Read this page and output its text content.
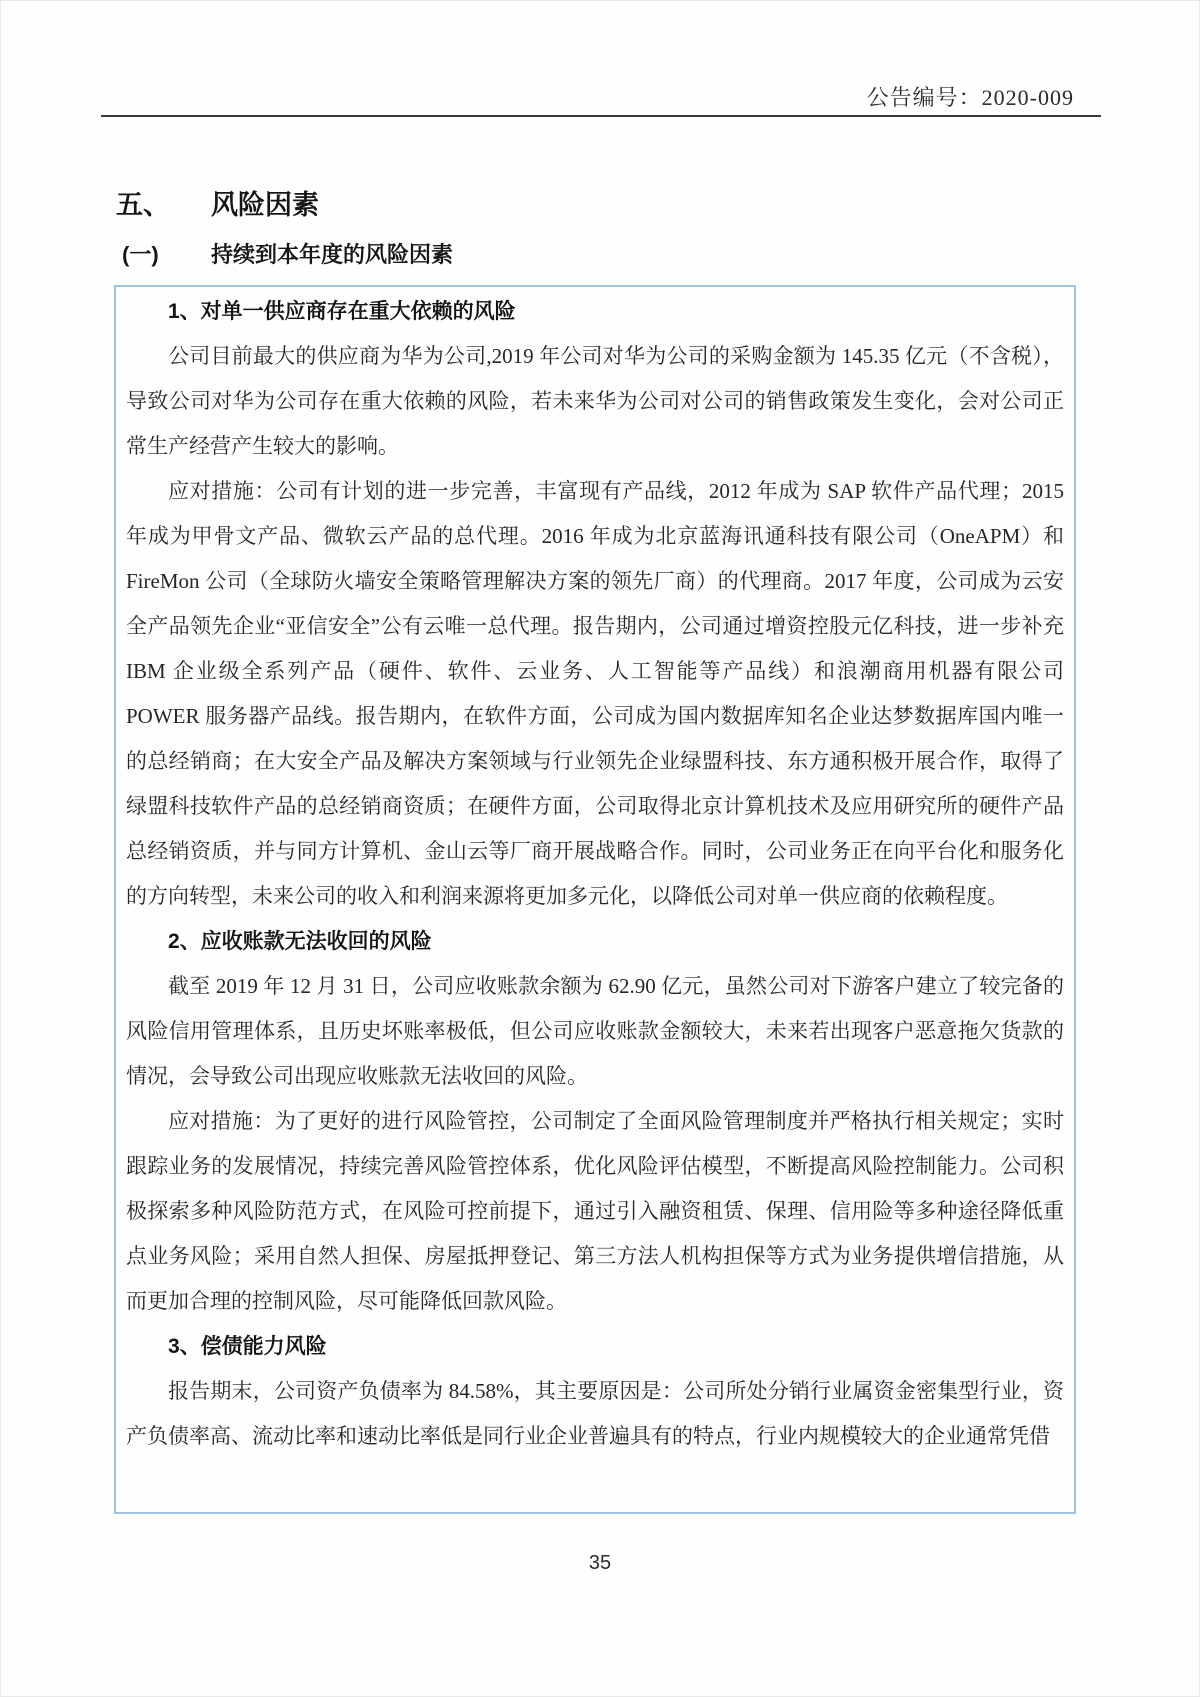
公告编号：2020-009
五、 风险因素
(一) 持续到本年度的风险因素

1、对单一供应商存在重大依赖的风险

公司目前最大的供应商为华为公司,2019 年公司对华为公司的采购金额为 145.35 亿元（不含税），导致公司对华为公司存在重大依赖的风险，若未来华为公司对公司的销售政策发生变化，会对公司正常生产经营产生较大的影响。

应对措施：公司有计划的进一步完善，丰富现有产品线，2012 年成为 SAP 软件产品代理；2015 年成为甲骨文产品、微软云产品的总代理。2016 年成为北京蓝海讯通科技有限公司（OneAPM）和 FireMon 公司（全球防火墙安全策略管理解决方案的领先厂商）的代理商。2017 年度，公司成为云安全产品领先企业“亚信安全”公有云唯一总代理。报告期内，公司通过增资控股元亿科技，进一步补充 IBM 企业级全系列产品（硬件、软件、云业务、人工智能等产品线）和浪潮商用机器有限公司 POWER 服务器产品线。报告期内，在软件方面，公司成为国内数据库知名企业达梦数据库国内唯一的总经销商；在大安全产品及解决方案领域与行业领先企业绿盟科技、东方通积极开展合作，取得了绿盟科技软件产品的总经销商资质；在硬件方面，公司取得北京计算机技术及应用研究所的硬件产品总经销资质，并与同方计算机、金山云等厂商开展战略合作。同时，公司业务正在向平台化和服务化的方向转型，未来公司的收入和利润来源将更加多元化，以降低公司对单一供应商的依赖程度。

2、应收账款无法收回的风险

截至 2019 年 12 月 31 日，公司应收账款余额为 62.90 亿元，虽然公司对下游客户建立了较完备的风险信用管理体系，且历史坏账率极低，但公司应收账款金额较大，未来若出现客户恶意拖欠货款的情况，会导致公司出现应收账款无法收回的风险。

应对措施：为了更好的进行风险管控，公司制定了全面风险管理制度并严格执行相关规定；实时跟踪业务的发展情况，持续完善风险管控体系，优化风险评估模型，不断提高风险控制能力。公司积极探索多种风险防范方式，在风险可控前提下，通过引入融资租赁、保理、信用险等多种途径降低重点业务风险；采用自然人担保、房屋抵押登记、第三方法人机构担保等方式为业务提供增信措施，从而更加合理的控制风险，尽可能降低回款风险。

3、偿债能力风险

报告期末，公司资产负债率为 84.58%，其主要原因是：公司所处分销行业属资金密集型行业，资产负债率高、流动比率和速动比率低是同行业企业普遍具有的特点，行业内规模较大的企业通常凭借

35
